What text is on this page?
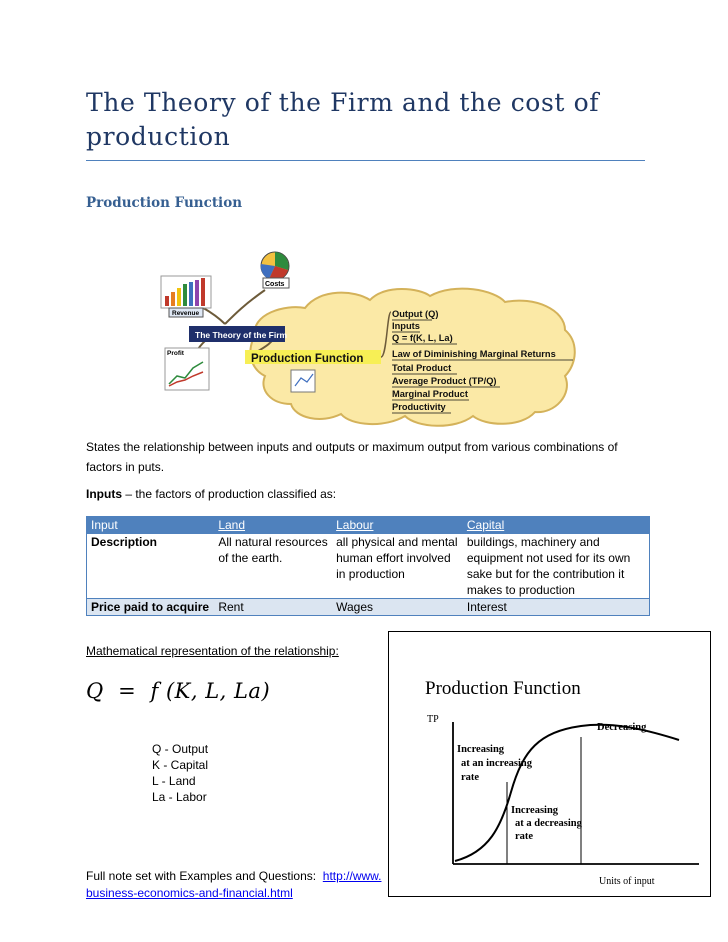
The Theory of the Firm and the cost of production
Production Function
The Theory of the Firm
Costs
Revenue
Profit	Production Function
Output (Q)
Inputs
Q = f(K, L, La)
Law of Diminishing Marginal Returns
Total Product
Average Product (TP/Q)
Marginal Product
Productivity
States the relationship between inputs and outputs or maximum output from various combinations of factors in puts.
Inputs – the factors of production classified as:
Input	Land	Labour	Capital
Description	All natural resources of the earth.	all physical and mental human effort involved in production	buildings, machinery and equipment not used for its own sake but for the contribution it makes to production
Price paid to acquire	Rent	Wages	Interest
Mathematical representation of the relationship:
Q  =  f (K, L, La)
Q - Output
K - Capital
L - Land
La - Labor
Production Function
TP
Decreasing
Increasing
at an increasing
rate
Increasing
at a decreasing
rate
Units of input
Full note set with Examples and Questions: http://www.
business-economics-and-financial.html
